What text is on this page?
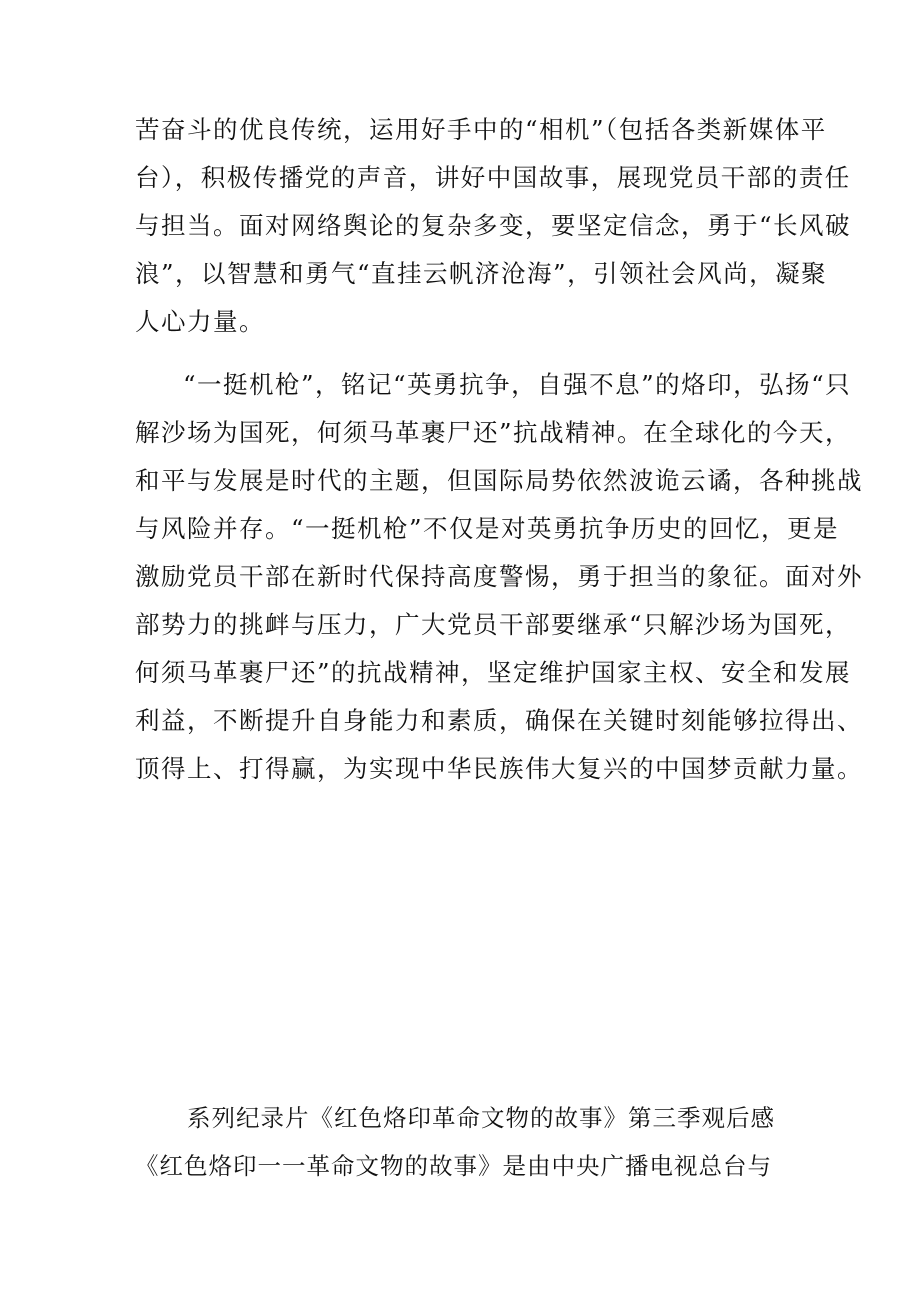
苦奋斗的优良传统，运用好手中的“相机”（包括各类新媒体平

台），积极传播党的声音，讲好中国故事，展现党员干部的责任

与担当。面对网络舆论的复杂多变，要坚定信念，勇于“长风破

浪”，以智慧和勇气“直挂云帆济沧海”，引领社会风尚，凝聚

人心力量。

“一挺机枪”，铭记“英勇抗争，自强不息”的烙印，弘扬“只

解沙场为国死，何须马革裹尸还”抗战精神。在全球化的今天，

和平与发展是时代的主题，但国际局势依然波诡云谲，各种挑战

与风险并存。“一挺机枪”不仅是对英勇抗争历史的回忆，更是

激励党员干部在新时代保持高度警惕，勇于担当的象征。面对外

部势力的挑衅与压力，广大党员干部要继承“只解沙场为国死，

何须马革裹尸还”的抗战精神，坚定维护国家主权、安全和发展

利益，不断提升自身能力和素质，确保在关键时刻能够拉得出、

顶得上、打得赢，为实现中华民族伟大复兴的中国梦贡献力量。

系列纪录片《红色烙印革命文物的故事》第三季观后感

《红色烙印一一革命文物的故事》是由中央广播电视总台与
